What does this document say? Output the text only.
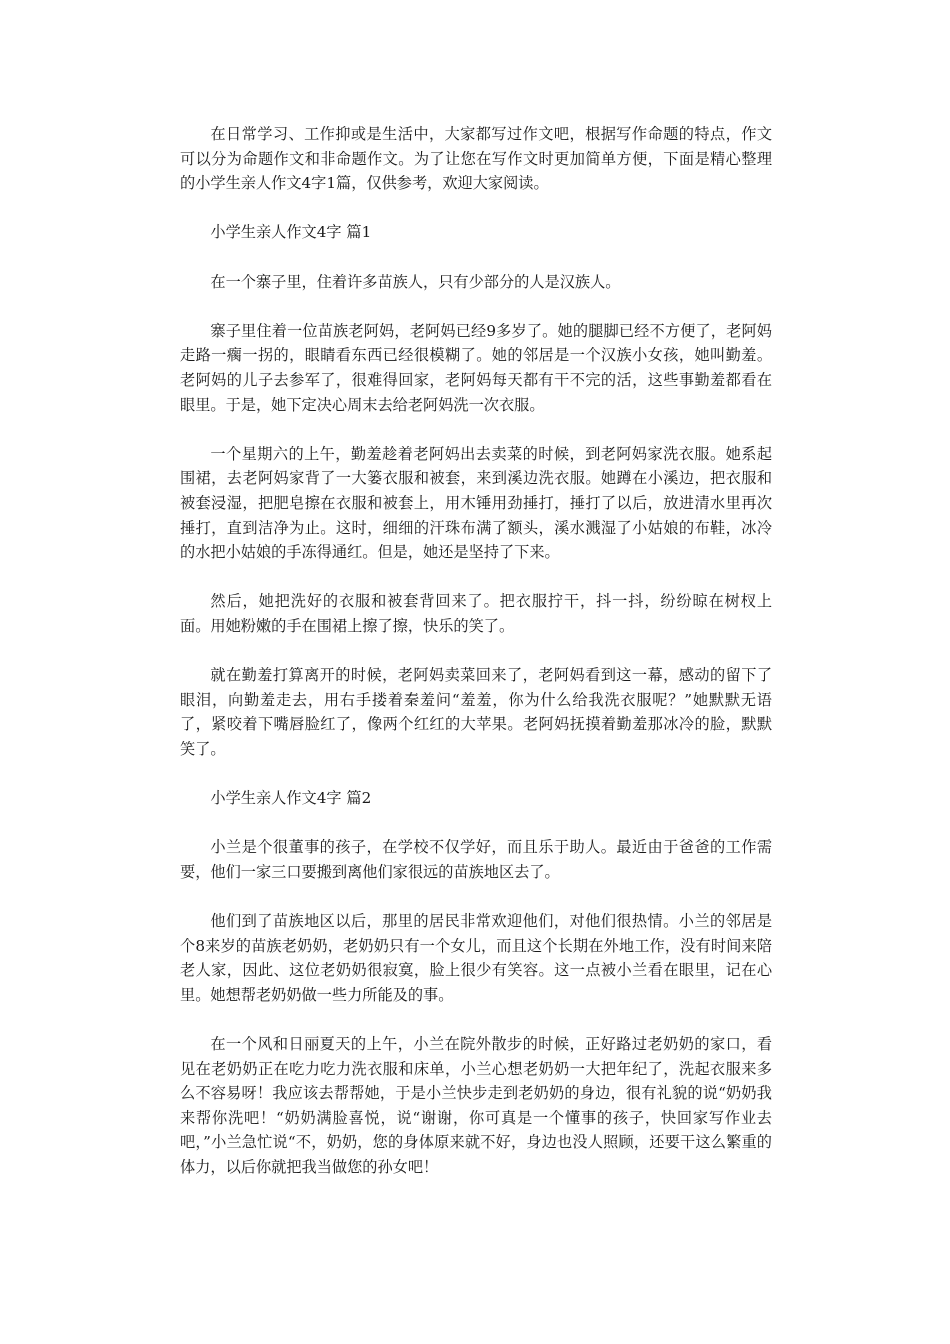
在日常学习、工作抑或是生活中，大家都写过作文吧，根据写作命题的特点，作文可以分为命题作文和非命题作文。为了让您在写作文时更加简单方便，下面是精心整理的小学生亲人作文4字1篇，仅供参考，欢迎大家阅读。

小学生亲人作文4字 篇1

在一个寨子里，住着许多苗族人，只有少部分的人是汉族人。

寨子里住着一位苗族老阿妈，老阿妈已经9多岁了。她的腿脚已经不方便了，老阿妈走路一瘸一拐的，眼睛看东西已经很模糊了。她的邻居是一个汉族小女孩，她叫勤羞。老阿妈的儿子去参军了，很难得回家，老阿妈每天都有干不完的活，这些事勤羞都看在眼里。于是，她下定决心周末去给老阿妈洗一次衣服。

一个星期六的上午，勤羞趁着老阿妈出去卖菜的时候，到老阿妈家洗衣服。她系起围裙，去老阿妈家背了一大篓衣服和被套，来到溪边洗衣服。她蹲在小溪边，把衣服和被套浸湿，把肥皂擦在衣服和被套上，用木锤用劲捶打，捶打了以后，放进清水里再次捶打，直到洁净为止。这时，细细的汗珠布满了额头，溪水溅湿了小姑娘的布鞋，冰冷的水把小姑娘的手冻得通红。但是，她还是坚持了下来。

然后，她把洗好的衣服和被套背回来了。把衣服拧干，抖一抖，纷纷晾在树杈上面。用她粉嫩的手在围裙上擦了擦，快乐的笑了。

就在勤羞打算离开的时候，老阿妈卖菜回来了，老阿妈看到这一幕，感动的留下了眼泪，向勤羞走去，用右手搂着秦羞问“羞羞，你为什么给我洗衣服呢？”她默默无语了，紧咬着下嘴唇脸红了，像两个红红的大苹果。老阿妈抚摸着勤羞那冰冷的脸，默默笑了。

小学生亲人作文4字 篇2

小兰是个很董事的孩子，在学校不仅学好，而且乐于助人。最近由于爸爸的工作需要，他们一家三口要搬到离他们家很远的苗族地区去了。

他们到了苗族地区以后，那里的居民非常欢迎他们，对他们很热情。小兰的邻居是个8来岁的苗族老奶奶，老奶奶只有一个女儿，而且这个长期在外地工作，没有时间来陪老人家，因此、这位老奶奶很寂寞，脸上很少有笑容。这一点被小兰看在眼里，记在心里。她想帮老奶奶做一些力所能及的事。

在一个风和日丽夏天的上午，小兰在院外散步的时候，正好路过老奶奶的家口，看见在老奶奶正在吃力吃力洗衣服和床单，小兰心想老奶奶一大把年纪了，洗起衣服来多么不容易呀！我应该去帮帮她，于是小兰快步走到老奶奶的身边，很有礼貌的说“奶奶我来帮你洗吧！“奶奶满脸喜悦，说“谢谢，你可真是一个懂事的孩子，快回家写作业去吧，”小兰急忙说“不，奶奶，您的身体原来就不好，身边也没人照顾，还要干这么繁重的体力，以后你就把我当做您的孙女吧！
